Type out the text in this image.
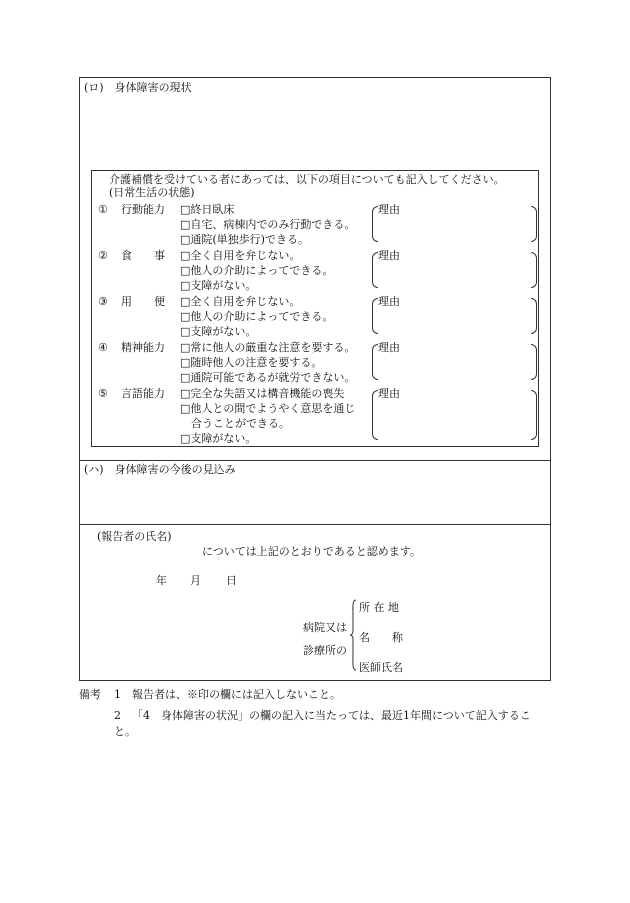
(ロ)　身体障害の現状
介護補償を受けている者にあっては、以下の項目についても記入してください。
(日常生活の状態)
① 行動能力 □終日臥床
□自宅、病棟内でのみ行動できる。
□通院(単独歩行)できる。
理由
② 食　　事 □全く自用を弁じない。
□他人の介助によってできる。
□支障がない。
理由
③ 用　　便 □全く自用を弁じない。
□他人の介助によってできる。
□支障がない。
理由
④ 精神能力 □常に他人の厳重な注意を要する。
□随時他人の注意を要する。
□通院可能であるが就労できない。
理由
⑤ 言語能力 □完全な失語又は構音機能の喪失
□他人との間でようやく意思を通じ
　合うことができる。
□支障がない。
理由
(ハ)　身体障害の今後の見込み
(報告者の氏名)
については上記のとおりであると認めます。
年 月 日
病院又は
診療所の
所 在 地
名　　称
医師氏名
備考 1 報告者は、※印の欄には記入しないこと。
2 「4　身体障害の状況」の欄の記入に当たっては、最近1年間について記入するこ
と。
